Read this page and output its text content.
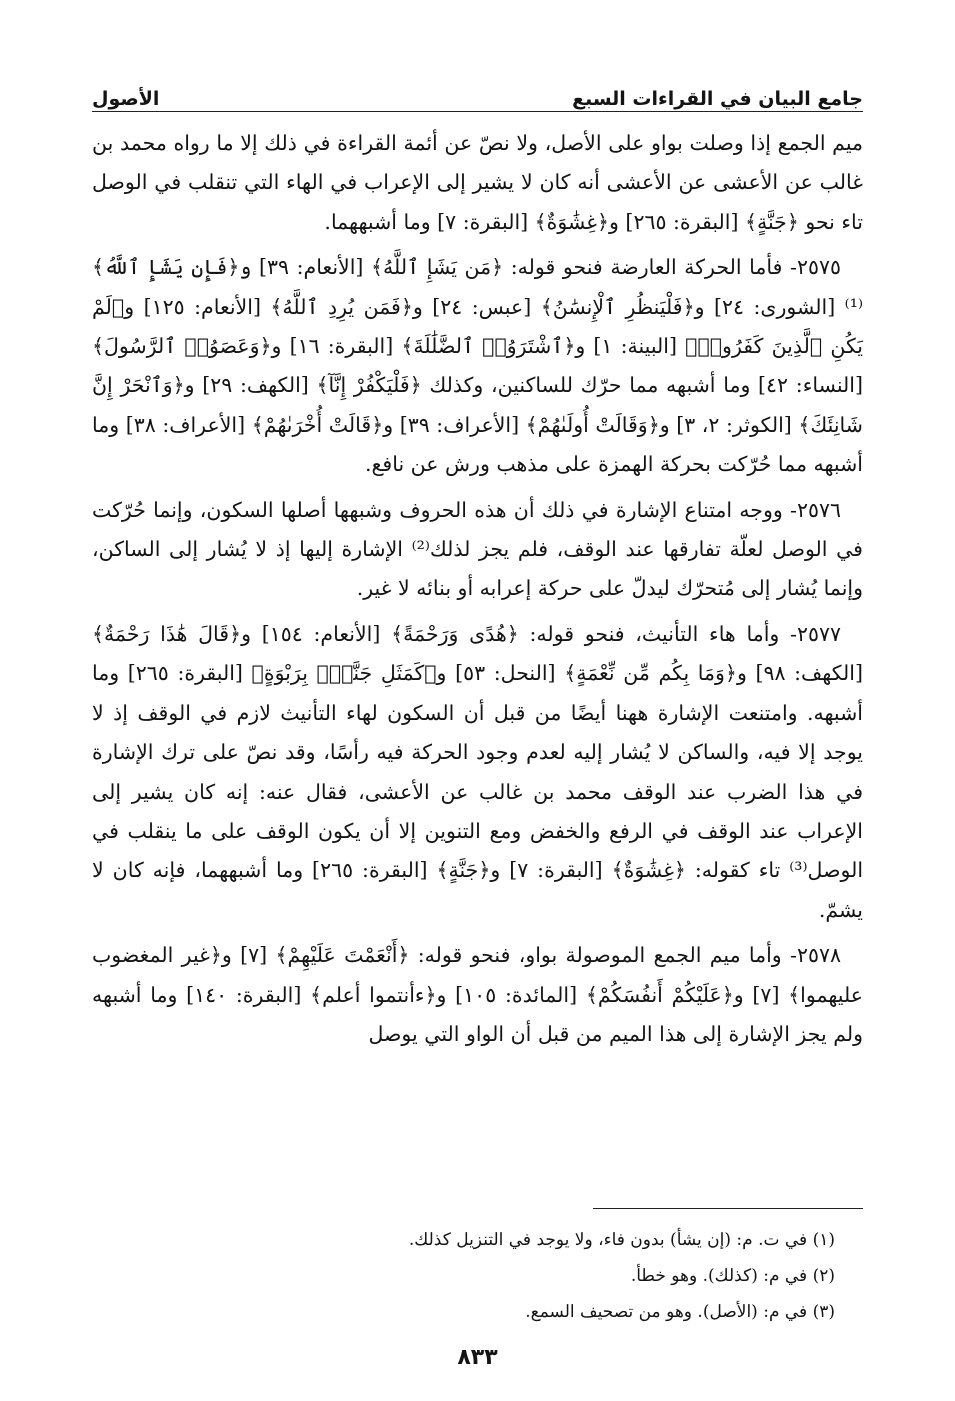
جامع البيان في القراءات السبع
الأصول

ميم الجمع إذا وصلت بواو على الأصل، ولا نصّ عن أئمة القراءة في ذلك إلا ما رواه محمد بن غالب عن الأعشى عن الأعشى أنه كان لا يشير إلى الإعراب في الهاء التي تنقلب في الوصل تاء نحو ﴿جَنَّةٍ﴾ [البقرة: ٢٦٥] و﴿غِشَٰوَةٌ﴾ [البقرة: ٧] وما أشبههما.

٢٥٧٥- فأما الحركة العارضة فنحو قوله: ﴿مَن يَشَإِ ٱللَّهُ﴾ [الأنعام: ٣٩] و﴿فَإِن يَشَإِ ٱللَّهُ﴾⁽¹⁾ [الشورى: ٢٤] و﴿فَلْيَنظُرِ ٱلْإِنسَٰنُ﴾ [عبس: ٢٤] و﴿فَمَن يُرِدِ ٱللَّهُ﴾ [الأنعام: ١٢٥] و﴿لَمْ يَكُنِ ٱلَّذِينَ كَفَرُوا۟﴾ [البينة: ١] و﴿ٱشْتَرَوُا۟ ٱلضَّلَٰلَةَ﴾ [البقرة: ١٦] و﴿وَعَصَوُا۟ ٱلرَّسُولَ﴾ [النساء: ٤٢] وما أشبهه مما حرّك للساكنين، وكذلك ﴿فَلْيَكْفُرْ إِنَّآ﴾ [الكهف: ٢٩] و﴿وَٱنْحَرْ إِنَّ شَانِئَكَ﴾ [الكوثر: ٢، ٣] و﴿وَقَالَتْ أُولَىٰهُمْ﴾ [الأعراف: ٣٩] و﴿قَالَتْ أُخْرَىٰهُمْ﴾ [الأعراف: ٣٨] وما أشبهه مما حُرّكت بحركة الهمزة على مذهب ورش عن نافع.

٢٥٧٦- ووجه امتناع الإشارة في ذلك أن هذه الحروف وشبهها أصلها السكون، وإنما حُرّكت في الوصل لعلّة تفارقها عند الوقف، فلم يجز لذلك⁽²⁾ الإشارة إليها إذ لا يُشار إلى الساكن، وإنما يُشار إلى مُتحرّك ليدلّ على حركة إعرابه أو بنائه لا غير.

٢٥٧٧- وأما هاء التأنيث، فنحو قوله: ﴿هُدًى وَرَحْمَةً﴾ [الأنعام: ١٥٤] و﴿قَالَ هَٰذَا رَحْمَةٌ﴾ [الكهف: ٩٨] و﴿وَمَا بِكُم مِّن نِّعْمَةٍ﴾ [النحل: ٥٣] و﴿كَمَثَلِ جَنَّةٍۭ بِرَبْوَةٍ﴾ [البقرة: ٢٦٥] وما أشبهه. وامتنعت الإشارة ههنا أيضًا من قبل أن السكون لهاء التأنيث لازم في الوقف إذ لا يوجد إلا فيه، والساكن لا يُشار إليه لعدم وجود الحركة فيه رأسًا، وقد نصّ على ترك الإشارة في هذا الضرب عند الوقف محمد بن غالب عن الأعشى، فقال عنه: إنه كان يشير إلى الإعراب عند الوقف في الرفع والخفض ومع التنوين إلا أن يكون الوقف على ما ينقلب في الوصل⁽³⁾ تاء كقوله: ﴿غِشَٰوَةٌ﴾ [البقرة: ٧] و﴿جَنَّةٍ﴾ [البقرة: ٢٦٥] وما أشبههما، فإنه كان لا يشمّ.

٢٥٧٨- وأما ميم الجمع الموصولة بواو، فنحو قوله: ﴿أَنْعَمْتَ عَلَيْهِمْ﴾ [٧] و﴿غير المغضوب عليهموا﴾ [٧] و﴿عَلَيْكُمْ أَنفُسَكُمْ﴾ [المائدة: ١٠٥] و﴿ءأنتموا أعلم﴾ [البقرة: ١٤٠] وما أشبهه ولم يجز الإشارة إلى هذا الميم من قبل أن الواو التي يوصل

(١) في ت. م: (إن يشأ) بدون فاء، ولا يوجد في التنزيل كذلك.
(٢) في م: (كذلك). وهو خطأ.
(٣) في م: (الأصل). وهو من تصحيف السمع.
٨٣٣
